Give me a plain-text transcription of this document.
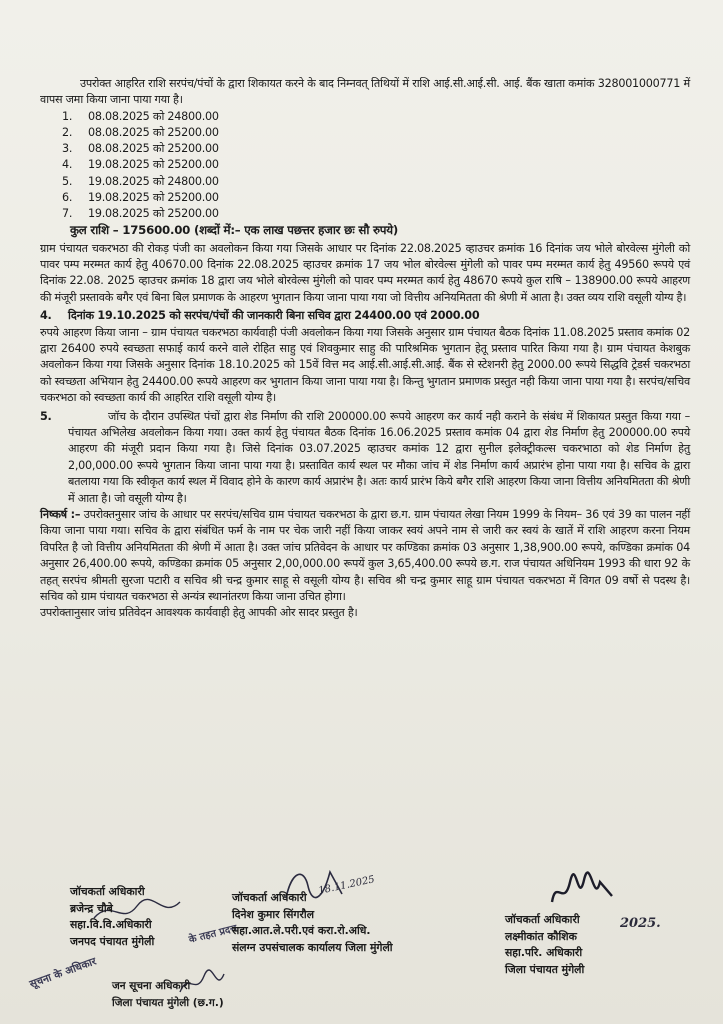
उपरोक्त आहरित राशि सरपंच/पंचों के द्वारा शिकायत करने के बाद निम्नवत् तिथियों में राशि आई.सी.आई.सी. आई. बैंक खाता कमांक 328001000771 में वापस जमा किया जाना पाया गया है।

1. 08.08.2025 को 24800.00
2. 08.08.2025 को 25200.00
3. 08.08.2025 को 25200.00
4. 19.08.2025 को 25200.00
5. 19.08.2025 को 24800.00
6. 19.08.2025 को 25200.00
7. 19.08.2025 को 25200.00
कुल राशि – 175600.00 (शब्दों में:– एक लाख पछत्तर हजार छः सौ रुपये)

ग्राम पंचायत चकरभठा की रोकड़ पंजी का अवलोकन किया गया जिसके आधार पर दिनांक 22.08.2025 व्हाउचर क्रमांक 16 दिनांक जय भोले बोरवेल्स मुंगेली को पावर पम्प मरम्मत कार्य हेतु 40670.00 दिनांक 22.08.2025 व्हाउचर क्रमांक 17 जय भोल बोरवेल्स मुंगेली को पावर पम्प मरम्मत कार्य हेतु 49560 रूपये एवं दिनांक 22.08. 2025 व्हाउचर क्रमांक 18 द्वारा जय भोले बोरवेल्स मुंगेली को पावर पम्प मरम्मत कार्य हेतु 48670 रूपये कुल राषि – 138900.00 रूपये आहरण की मंजूरी प्रस्तावके बगैर एवं बिना बिल प्रमाणक के आहरण भुगतान किया जाना पाया गया जो वित्तीय अनियमितता की श्रेणी में आता है। उक्त व्यय राशि वसूली योग्य है।

4.	दिनांक 19.10.2025 को सरपंच/पंचों की जानकारी बिना सचिव द्वारा 24400.00 एवं 2000.00

रुपये आहरण किया जाना – ग्राम पंचायत चकरभठा कार्यवाही पंजी अवलोकन किया गया जिसके अनुसार ग्राम पंचायत बैठक दिनांक 11.08.2025 प्रस्ताव कमांक 02 द्वारा 26400 रुपये स्वच्छता सफाई कार्य करने वाले रोहित साहु एवं शिवकुमार साहु की पारिश्रमिक भुगतान हेतू प्रस्ताव पारित किया गया है। ग्राम पंचायत केशबुक अवलोकन किया गया जिसके अनुसार दिनांक 18.10.2025 को 15वें वित्त मद आई.सी.आई.सी.आई. बैंक से स्टेशनरी हेतु 2000.00 रूपये सिद्धवि ट्रेडर्स चकरभठा को स्वच्छता अभियान हेतु 24400.00 रूपये आहरण कर भुगतान किया जाना पाया गया है। किन्तु भुगतान प्रमाणक प्रस्तुत नही किया जाना पाया गया है। सरपंच/सचिव चकरभठा को स्वच्छता कार्य की आहरित राशि वसूली योग्य है।

5.	जॉच के दौरान उपस्थित पंचों द्वारा शेड निर्माण की राशि 200000.00 रूपये आहरण कर कार्य नही कराने के संबंध में शिकायत प्रस्तुत किया गया – पंचायत अभिलेख अवलोकन किया गया। उक्त कार्य हेतु पंचायत बैठक दिनांक 16.06.2025 प्रस्ताव कमांक 04 द्वारा शेड निर्माण हेतु 200000.00 रुपये आहरण की मंजूरी प्रदान किया गया है। जिसे दिनांक 03.07.2025 व्हाउचर कमांक 12 द्वारा सुनील इलेक्ट्रीकल्स चकरभाठा को शेड निर्माण हेतु 2,00,000.00 रूपये भुगतान किया जाना पाया गया है। प्रस्तावित कार्य स्थल पर मौका जांच में शेड निर्माण कार्य अप्रारंभ होना पाया गया है। सचिव के द्वारा बतलाया गया कि स्वीकृत कार्य स्थल में विवाद होने के कारण कार्य अप्रारंभ है। अतः कार्य प्रारंभ किये बगैर राशि आहरण किया जाना वित्तीय अनियमितता की श्रेणी में आता है। जो वसूली योग्य है।

निष्कर्ष :– उपरोक्तनुसार जांच के आधार पर सरपंच/सचिव ग्राम पंचायत चकरभठा के द्वारा छ.ग. ग्राम पंचायत लेखा नियम 1999 के नियम– 36 एवं 39 का पालन नहीं किया जाना पाया गया। सचिव के द्वारा संबंधित फर्म के नाम पर चेक जारी नहीं किया जाकर स्वयं अपने नाम से जारी कर स्वयं के खातें में राशि आहरण करना नियम विपरित है जो वित्तीय अनियमितता की श्रेणी में आता है। उक्त जांच प्रतिवेदन के आधार पर कण्डिका क्रमांक 03 अनुसार 1,38,900.00 रूपये, कण्डिका क्रमांक 04 अनुसार 26,400.00 रूपये, कण्डिका क्रमांक 05 अनुसार 2,00,000.00 रूपयें कुल 3,65,400.00 रूपये छ.ग. राज पंचायत अधिनियम 1993 की धारा 92 के तहत् सरपंच श्रीमती सुरजा पटारी व सचिव श्री चन्द्र कुमार साहू से वसूली योग्य है। सचिव श्री चन्द्र कुमार साहू ग्राम पंचायत चकरभठा में विगत 09 वर्षो से पदस्थ है। सचिव को ग्राम पंचायत चकरभठा से अन्यंत्र स्थानांतरण किया जाना उचित होगा।

उपरोक्तानुसार जांच प्रतिवेदन आवश्यक कार्यवाही हेतु आपकी ओर सादर प्रस्तुत है।

18.11.2025
2025.
सूचना के अधिकार
के तहत प्रदत्त
जॉचकर्ता अधिकारी
ब्रजेन्द्र चौबे
सहा.वि.वि.अधिकारी
जनपद पंचायत मुंगेली
जॉचकर्ता अधिकारी
दिनेश कुमार सिंगरौल
सहा.आत.ले.परी.एवं करा.रो.अधि.
संलग्न उपसंचालक कार्यालय जिला मुंगेली
जॉचकर्ता अधिकारी
लक्ष्मीकांत कौशिक
सहा.परि. अधिकारी
जिला पंचायत मुंगेली
जन सूचना अधिकारी
जिला पंचायत मुंगेली (छ.ग.)
